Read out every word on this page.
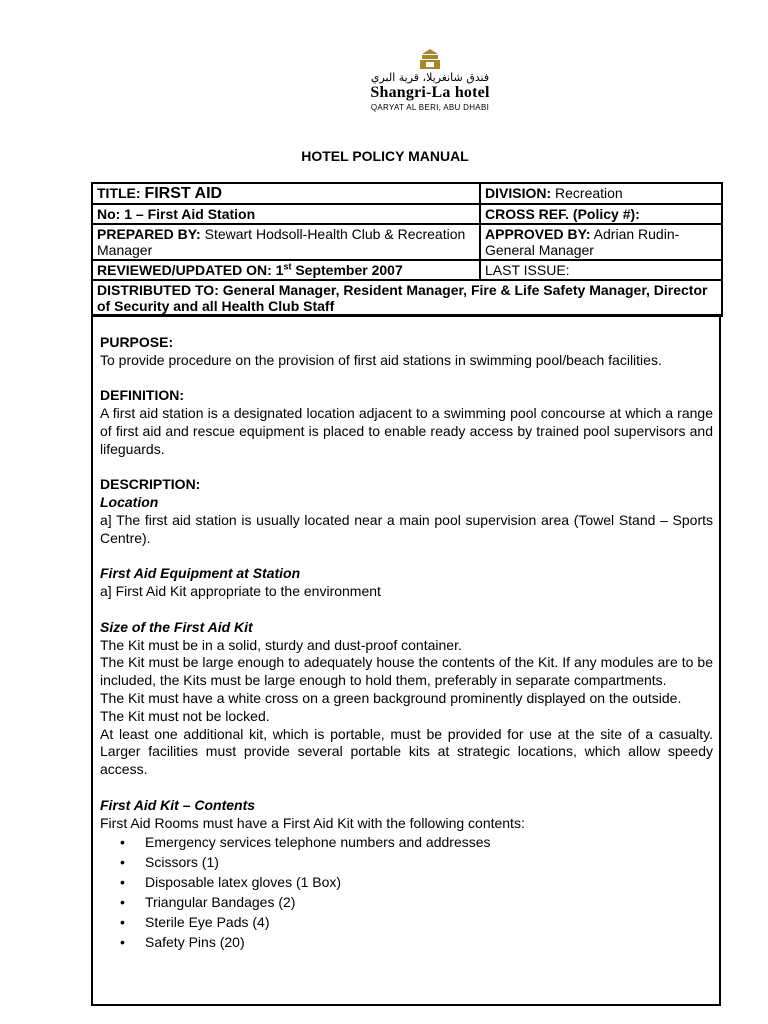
فندق شانغريلا، قرية البري
Shangri-La hotel
QARYAT AL BERI, ABU DHABI
HOTEL POLICY MANUAL
TITLE: FIRST AID	DIVISION: Recreation
No: 1 – First Aid Station	CROSS REF. (Policy #):
PREPARED BY: Stewart Hodsoll-Health Club & Recreation Manager	APPROVED BY: Adrian Rudin-General Manager
REVIEWED/UPDATED ON: 1st September 2007	LAST ISSUE:
DISTRIBUTED TO: General Manager, Resident Manager, Fire & Life Safety Manager, Director of Security and all Health Club Staff	

PURPOSE:

To provide procedure on the provision of first aid stations in swimming pool/beach facilities.

DEFINITION:

A first aid station is a designated location adjacent to a swimming pool concourse at which a range of first aid and rescue equipment is placed to enable ready access by trained pool supervisors and lifeguards.

DESCRIPTION:

Location

a] The first aid station is usually located near a main pool supervision area (Towel Stand – Sports Centre).

First Aid Equipment at Station

a] First Aid Kit appropriate to the environment

Size of the First Aid Kit

The Kit must be in a solid, sturdy and dust-proof container.

The Kit must be large enough to adequately house the contents of the Kit. If any modules are to be included, the Kits must be large enough to hold them, preferably in separate compartments.

The Kit must have a white cross on a green background prominently displayed on the outside.

The Kit must not be locked.

At least one additional kit, which is portable, must be provided for use at the site of a casualty. Larger facilities must provide several portable kits at strategic locations, which allow speedy access.

First Aid Kit – Contents

First Aid Rooms must have a First Aid Kit with the following contents:

• Emergency services telephone numbers and addresses
• Scissors (1)
• Disposable latex gloves (1 Box)
• Triangular Bandages (2)
• Sterile Eye Pads (4)
• Safety Pins (20)
